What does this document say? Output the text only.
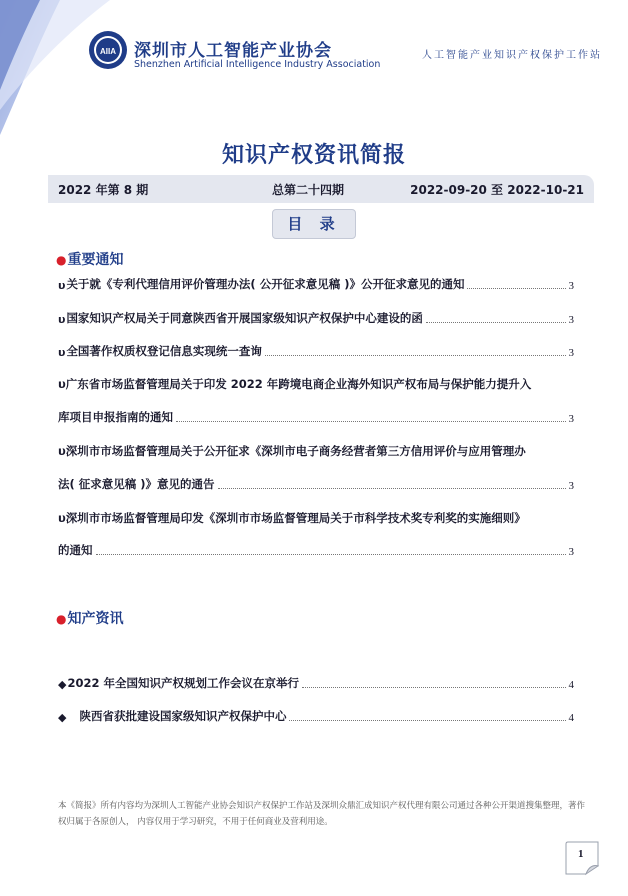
AIIA 深圳市人工智能产业协会
Shenzhen Artificial Intelligence Industry Association
人工智能产业知识产权保护工作站
知识产权资讯简报
2022 年第 8 期	总第二十四期	2022-09-20 至 2022-10-21
目 录
●重要通知
υ 关于就《专利代理信用评价管理办法( 公开征求意见稿 )》公开征求意见的通知	3
υ 国家知识产权局关于同意陕西省开展国家级知识产权保护中心建设的函	3
υ 全国著作权质权登记信息实现统一查询	3
υ广东省市场监督管理局关于印发 2022 年跨境电商企业海外知识产权布局与保护能力提升入
库项目申报指南的通知	3
υ深圳市市场监督管理局关于公开征求《深圳市电子商务经营者第三方信用评价与应用管理办
法( 征求意见稿 )》意见的通告	3
υ深圳市市场监督管理局印发《深圳市市场监督管理局关于市科学技术奖专利奖的实施细则》
的通知	3
●知产资讯
◆ 2022 年全国知识产权规划工作会议在京举行	4
◆ 陕西省获批建设国家级知识产权保护中心	4
本《简报》所有内容均为深圳人工智能产业协会知识产权保护工作站及深圳众鼎汇成知识产权代理有限公司通过各种公开渠道搜集整理，著作权归属于各原创人， 内容仅用于学习研究，不用于任何商业及营利用途。
1
